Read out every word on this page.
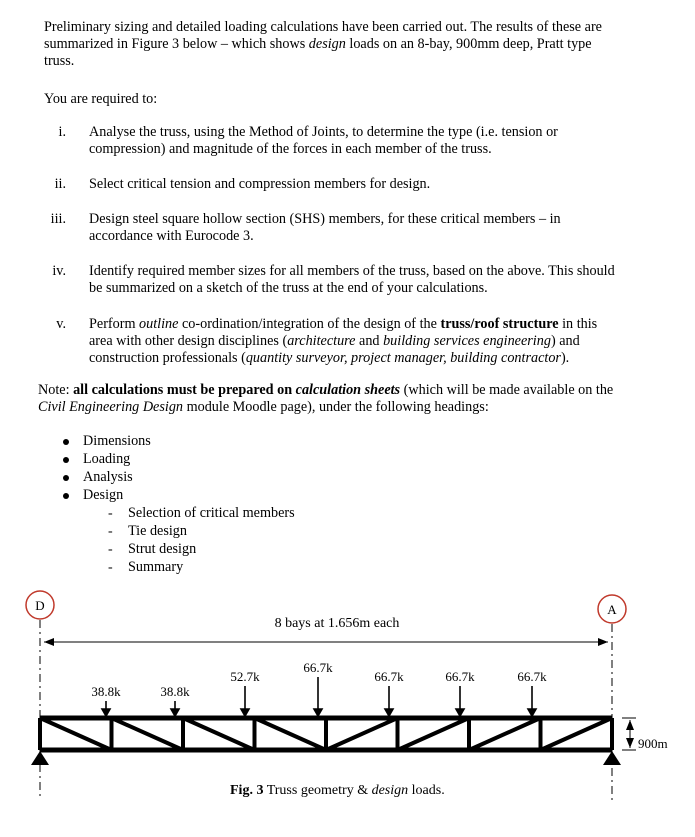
Preliminary sizing and detailed loading calculations have been carried out. The results of these are
summarized in Figure 3 below – which shows design loads on an 8-bay, 900mm deep, Pratt type
truss.
You are required to:
i. Analyse the truss, using the Method of Joints, to determine the type (i.e. tension or
compression) and magnitude of the forces in each member of the truss.
ii. Select critical tension and compression members for design.
iii. Design steel square hollow section (SHS) members, for these critical members – in
accordance with Eurocode 3.
iv. Identify required member sizes for all members of the truss, based on the above. This should
be summarized on a sketch of the truss at the end of your calculations.
v. Perform outline co-ordination/integration of the design of the truss/roof structure in this
area with other design disciplines (architecture and building services engineering) and
construction professionals (quantity surveyor, project manager, building contractor).
Note: all calculations must be prepared on calculation sheets (which will be made available on the
Civil Engineering Design module Moodle page), under the following headings:
Dimensions
Loading
Analysis
Design
- Selection of critical members
- Tie design
- Strut design
- Summary
D	A
8 bays at 1.656m each
38.8k	38.8k
52.7k
66.7k
66.7k	66.7k	66.7k
900m
Fig. 3 Truss geometry & design loads.
